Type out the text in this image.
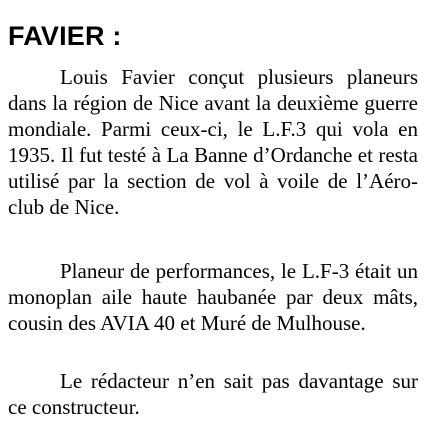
FAVIER :

Louis Favier conçut plusieurs planeurs dans la région de Nice avant la deuxième guerre mondiale. Parmi ceux-ci, le L.F.3 qui vola en 1935. Il fut testé à La Banne d’Ordanche et resta utilisé par la section de vol à voile de l’Aéro-club de Nice.

Planeur de performances, le L.F-3 était un monoplan aile haute haubanée par deux mâts, cousin des AVIA 40 et Muré de Mulhouse.

Le rédacteur n’en sait pas davantage sur ce constructeur.
